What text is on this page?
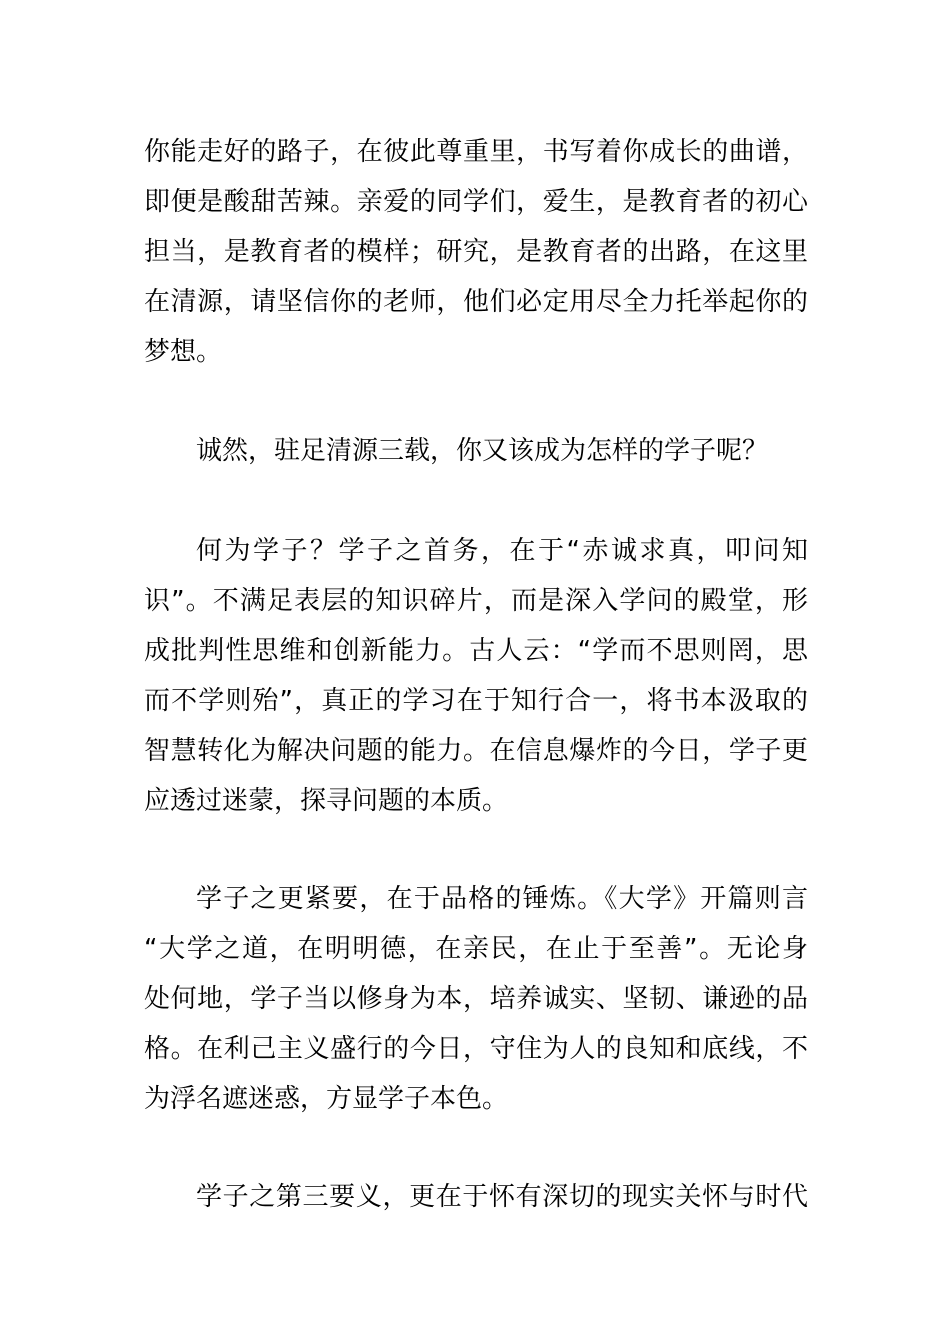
你能走好的路子，在彼此尊重里，书写着你成长的曲谱，
即便是酸甜苦辣。亲爱的同学们，爱生，是教育者的初心
担当，是教育者的模样；研究，是教育者的出路，在这里
在清源，请坚信你的老师，他们必定用尽全力托举起你的
梦想。
诚然，驻足清源三载，你又该成为怎样的学子呢？
何为学子？学子之首务，在于“赤诚求真，叩问知
识”。不满足表层的知识碎片，而是深入学问的殿堂，形
成批判性思维和创新能力。古人云：“学而不思则罔，思
而不学则殆”，真正的学习在于知行合一，将书本汲取的
智慧转化为解决问题的能力。在信息爆炸的今日，学子更
应透过迷蒙，探寻问题的本质。
学子之更紧要，在于品格的锤炼。《大学》开篇则言
“大学之道，在明明德，在亲民，在止于至善”。无论身
处何地，学子当以修身为本，培养诚实、坚韧、谦逊的品
格。在利己主义盛行的今日，守住为人的良知和底线，不
为浮名遮迷惑，方显学子本色。
学子之第三要义，更在于怀有深切的现实关怀与时代
